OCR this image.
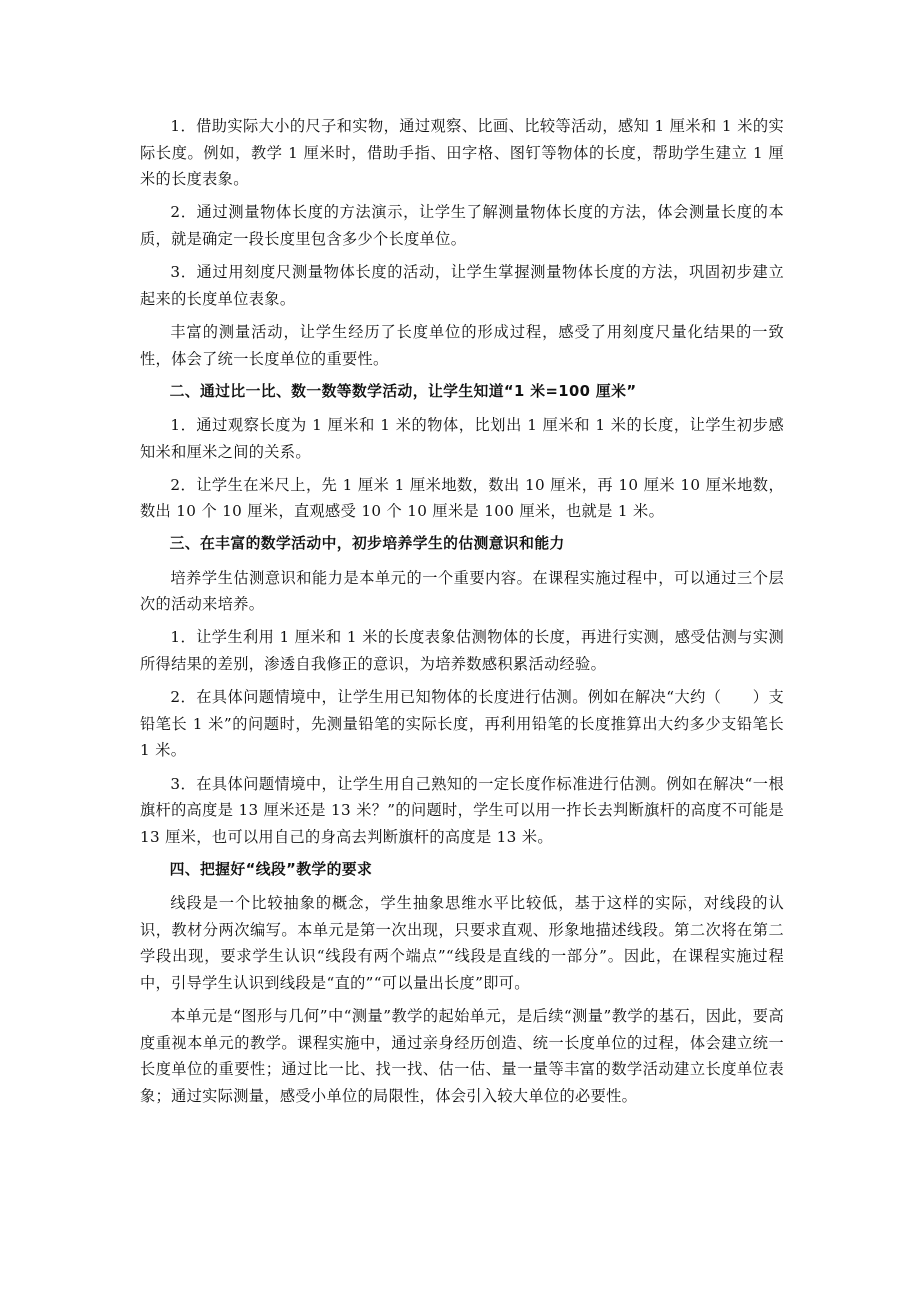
1．借助实际大小的尺子和实物，通过观察、比画、比较等活动，感知 1 厘米和 1 米的实际长度。例如，教学 1 厘米时，借助手指、田字格、图钉等物体的长度，帮助学生建立 1 厘米的长度表象。

2．通过测量物体长度的方法演示，让学生了解测量物体长度的方法，体会测量长度的本质，就是确定一段长度里包含多少个长度单位。

3．通过用刻度尺测量物体长度的活动，让学生掌握测量物体长度的方法，巩固初步建立起来的长度单位表象。

丰富的测量活动，让学生经历了长度单位的形成过程，感受了用刻度尺量化结果的一致性，体会了统一长度单位的重要性。

二、通过比一比、数一数等数学活动，让学生知道“1 米=100 厘米”

1．通过观察长度为 1 厘米和 1 米的物体，比划出 1 厘米和 1 米的长度，让学生初步感知米和厘米之间的关系。

2．让学生在米尺上，先 1 厘米 1 厘米地数，数出 10 厘米，再 10 厘米 10 厘米地数，数出 10 个 10 厘米，直观感受 10 个 10 厘米是 100 厘米，也就是 1 米。

三、在丰富的数学活动中，初步培养学生的估测意识和能力

培养学生估测意识和能力是本单元的一个重要内容。在课程实施过程中，可以通过三个层次的活动来培养。

1．让学生利用 1 厘米和 1 米的长度表象估测物体的长度，再进行实测，感受估测与实测所得结果的差别，渗透自我修正的意识，为培养数感积累活动经验。

2．在具体问题情境中，让学生用已知物体的长度进行估测。例如在解决“大约（　　）支铅笔长 1 米”的问题时，先测量铅笔的实际长度，再利用铅笔的长度推算出大约多少支铅笔长 1 米。

3．在具体问题情境中，让学生用自己熟知的一定长度作标准进行估测。例如在解决“一根旗杆的高度是 13 厘米还是 13 米？”的问题时，学生可以用一拃长去判断旗杆的高度不可能是 13 厘米，也可以用自己的身高去判断旗杆的高度是 13 米。

四、把握好“线段”教学的要求

线段是一个比较抽象的概念，学生抽象思维水平比较低，基于这样的实际，对线段的认识，教材分两次编写。本单元是第一次出现，只要求直观、形象地描述线段。第二次将在第二学段出现，要求学生认识“线段有两个端点”“线段是直线的一部分”。因此，在课程实施过程中，引导学生认识到线段是“直的”“可以量出长度”即可。

本单元是“图形与几何”中“测量”教学的起始单元，是后续“测量”教学的基石，因此，要高度重视本单元的教学。课程实施中，通过亲身经历创造、统一长度单位的过程，体会建立统一长度单位的重要性；通过比一比、找一找、估一估、量一量等丰富的数学活动建立长度单位表象；通过实际测量，感受小单位的局限性，体会引入较大单位的必要性。
